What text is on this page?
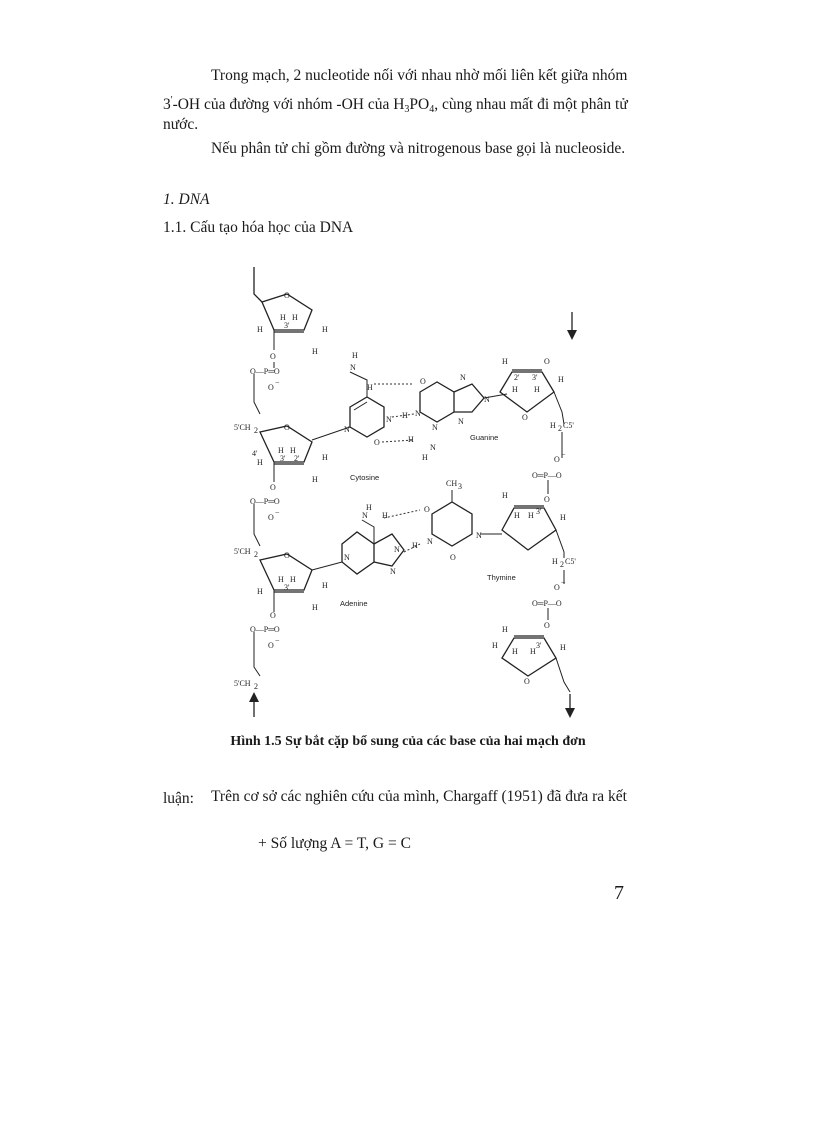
Trong mạch, 2 nucleotide nối với nhau nhờ mối liên kết giữa nhóm
3'-OH của đường với nhóm -OH của $H_3PO_4$, cùng nhau mất đi một phân tử
nước.
Nếu phân tử chỉ gồm đường và nitrogenous base gọi là nucleoside.
1. DNA
1.1. Cấu tạo hóa học của DNA
O
H H
3'
H	H
H
O
O—P═O
O
−
5'CH 2	O
4'	H H
3' 2'
H
H
H
O
O—P═O
O
−
5'CH 2	O
H H
3'
H
H
H
O
O—P═O
O
−
5'CH 2
N
H
H
N
O
N
H
H
O
N
N
N
H
N
N
N
Guanine
Cytosine
N
N
H
H
N
N
H
CH 3
O
N
O
N
Adenine
Thymine
H	O
2' 3'
H H
H
O
H 2 C5'
O
−
O═P—O
O
H
H H 3'
H
H 2 C5'
O
−
O═P—O
O
H
H
H H
3' H
O
Hình 1.5 Sự bắt cặp bổ sung của các base của hai mạch đơn
luận: Trên cơ sở các nghiên cứu của mình, Chargaff (1951) đã đưa ra kết
+ Số lượng A = T, G = C
7
